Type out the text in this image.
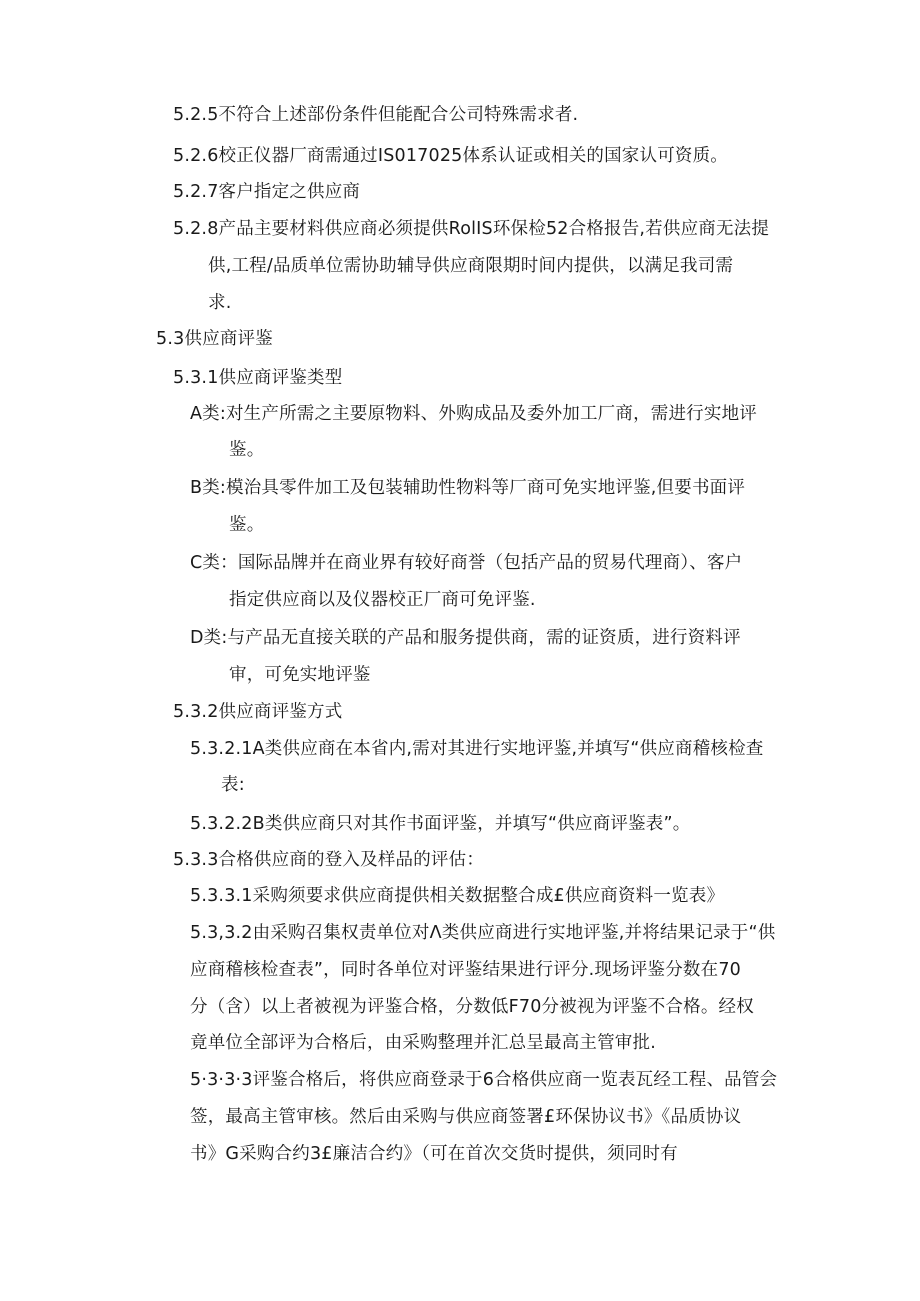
5.2.5不符合上述部份条件但能配合公司特殊需求者.
5.2.6校正仪器厂商需通过IS017025体系认证或相关的国家认可资质。
5.2.7客户指定之供应商
5.2.8产品主要材料供应商必须提供RolIS环保检52合格报告,若供应商无法提
供,工程/品质单位需协助辅导供应商限期时间内提供，以满足我司需
求.
5.3供应商评鉴
5.3.1供应商评鉴类型
A类:对生产所需之主要原物料、外购成品及委外加工厂商，需进行实地评
鉴。
B类:模治具零件加工及包装辅助性物料等厂商可免实地评鉴,但要书面评
鉴。
C类：国际品牌并在商业界有较好商誉（包括产品的贸易代理商）、客户
指定供应商以及仪器校正厂商可免评鉴.
D类:与产品无直接关联的产品和服务提供商，需的证资质，进行资料评
审，可免实地评鉴
5.3.2供应商评鉴方式
5.3.2.1A类供应商在本省内,需对其进行实地评鉴,并填写“供应商稽核检查
表:
5.3.2.2B类供应商只对其作书面评鉴，并填写“供应商评鉴表”。
5.3.3合格供应商的登入及样品的评估：
5.3.3.1采购须要求供应商提供相关数据整合成£供应商资料一览表》
5.3,3.2由采购召集权责单位对Λ类供应商进行实地评鉴,并将结果记录于“供
应商稽核检查表”，同时各单位对评鉴结果进行评分.现场评鉴分数在70
分（含）以上者被视为评鉴合格，分数低F70分被视为评鉴不合格。经权
竟单位全部评为合格后，由采购整理并汇总呈最高主管审批.
5·3·3·3评鉴合格后，将供应商登录于6合格供应商一览表瓦经工程、品管会
签，最高主管审核。然后由采购与供应商签署£环保协议书》《品质协议
书》G采购合约3£廉洁合约》（可在首次交货时提供，须同时有
